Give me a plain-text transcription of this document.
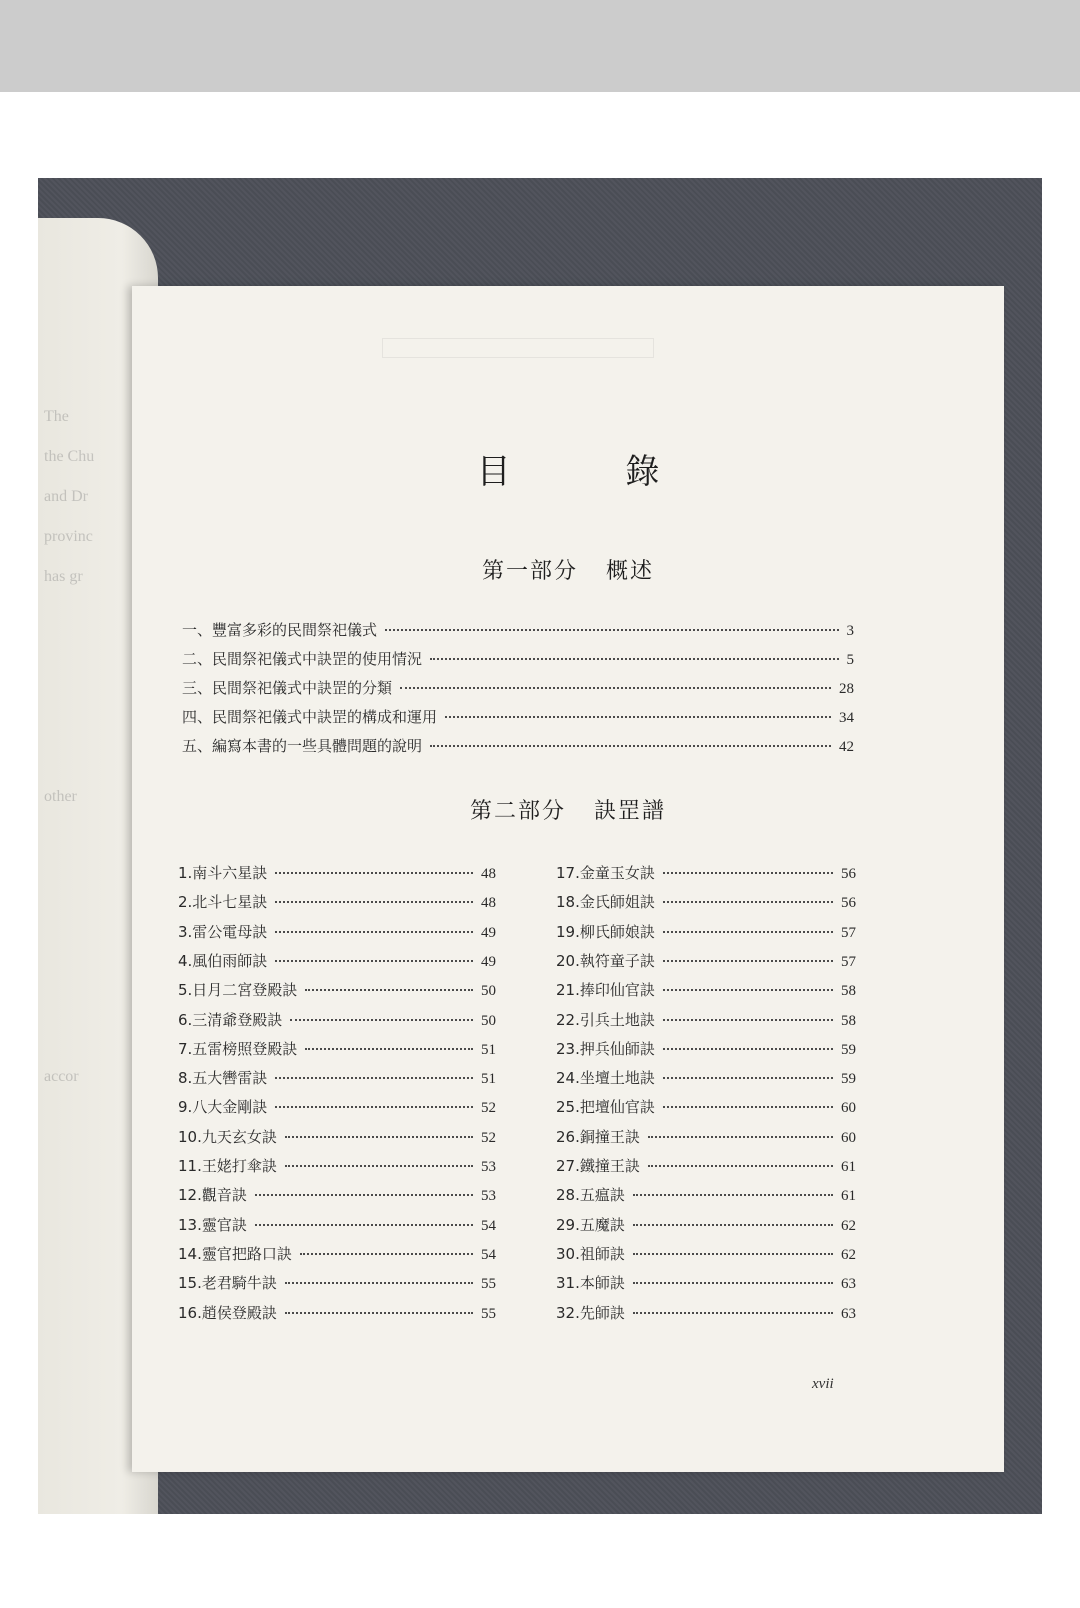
The
the Chu
and Dr
provinc
has gr
other
accor
目 錄
第一部分 概述
一、豐富多彩的民間祭祀儀式	3
二、民間祭祀儀式中訣罡的使用情況	5
三、民間祭祀儀式中訣罡的分類	28
四、民間祭祀儀式中訣罡的構成和運用	34
五、編寫本書的一些具體問題的說明	42
第二部分 訣罡譜
1.南斗六星訣	48
2.北斗七星訣	48
3.雷公電母訣	49
4.風伯雨師訣	49
5.日月二宮登殿訣	50
6.三清爺登殿訣	50
7.五雷榜照登殿訣	51
8.五大轡雷訣	51
9.八大金剛訣	52
10.九天玄女訣	52
11.王姥打傘訣	53
12.觀音訣	53
13.靈官訣	54
14.靈官把路口訣	54
15.老君騎牛訣	55
16.趙侯登殿訣	55
17.金童玉女訣	56
18.金氏師姐訣	56
19.柳氏師娘訣	57
20.執符童子訣	57
21.捧印仙官訣	58
22.引兵土地訣	58
23.押兵仙師訣	59
24.坐壇土地訣	59
25.把壇仙官訣	60
26.銅撞王訣	60
27.鐵撞王訣	61
28.五瘟訣	61
29.五魔訣	62
30.祖師訣	62
31.本師訣	63
32.先師訣	63
xvii
